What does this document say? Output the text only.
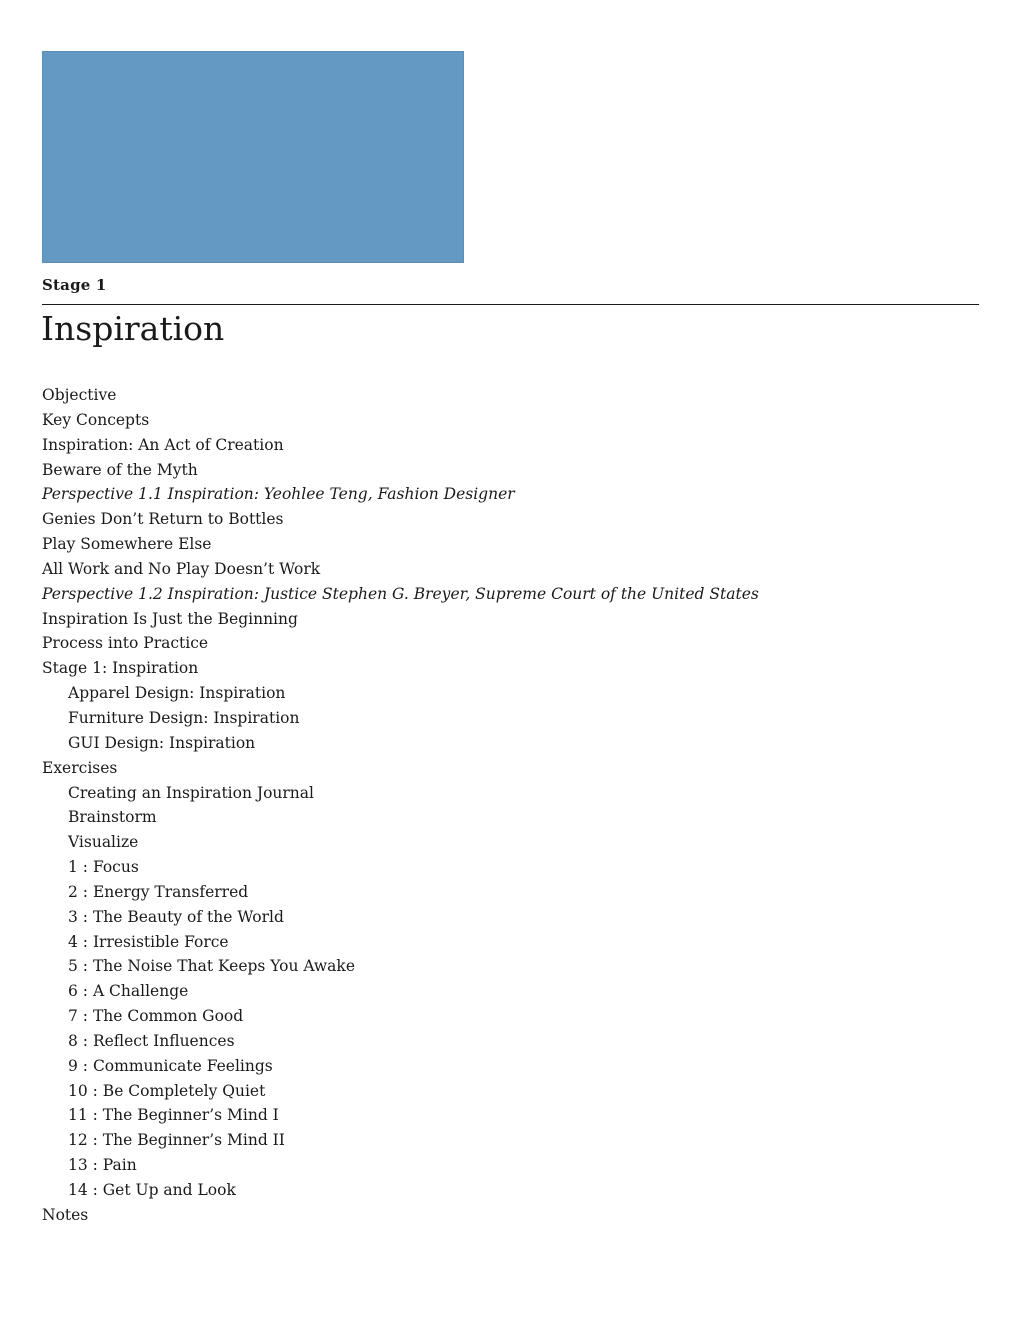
Stage 1
Inspiration
Objective
Key Concepts
Inspiration: An Act of Creation
Beware of the Myth
Perspective 1.1 Inspiration: Yeohlee Teng, Fashion Designer
Genies Don’t Return to Bottles
Play Somewhere Else
All Work and No Play Doesn’t Work
Perspective 1.2 Inspiration: Justice Stephen G. Breyer, Supreme Court of the United States
Inspiration Is Just the Beginning
Process into Practice
Stage 1: Inspiration
Apparel Design: Inspiration
Furniture Design: Inspiration
GUI Design: Inspiration
Exercises
Creating an Inspiration Journal
Brainstorm
Visualize
1 : Focus
2 : Energy Transferred
3 : The Beauty of the World
4 : Irresistible Force
5 : The Noise That Keeps You Awake
6 : A Challenge
7 : The Common Good
8 : Reflect Influences
9 : Communicate Feelings
10 : Be Completely Quiet
11 : The Beginner’s Mind I
12 : The Beginner’s Mind II
13 : Pain
14 : Get Up and Look
Notes
